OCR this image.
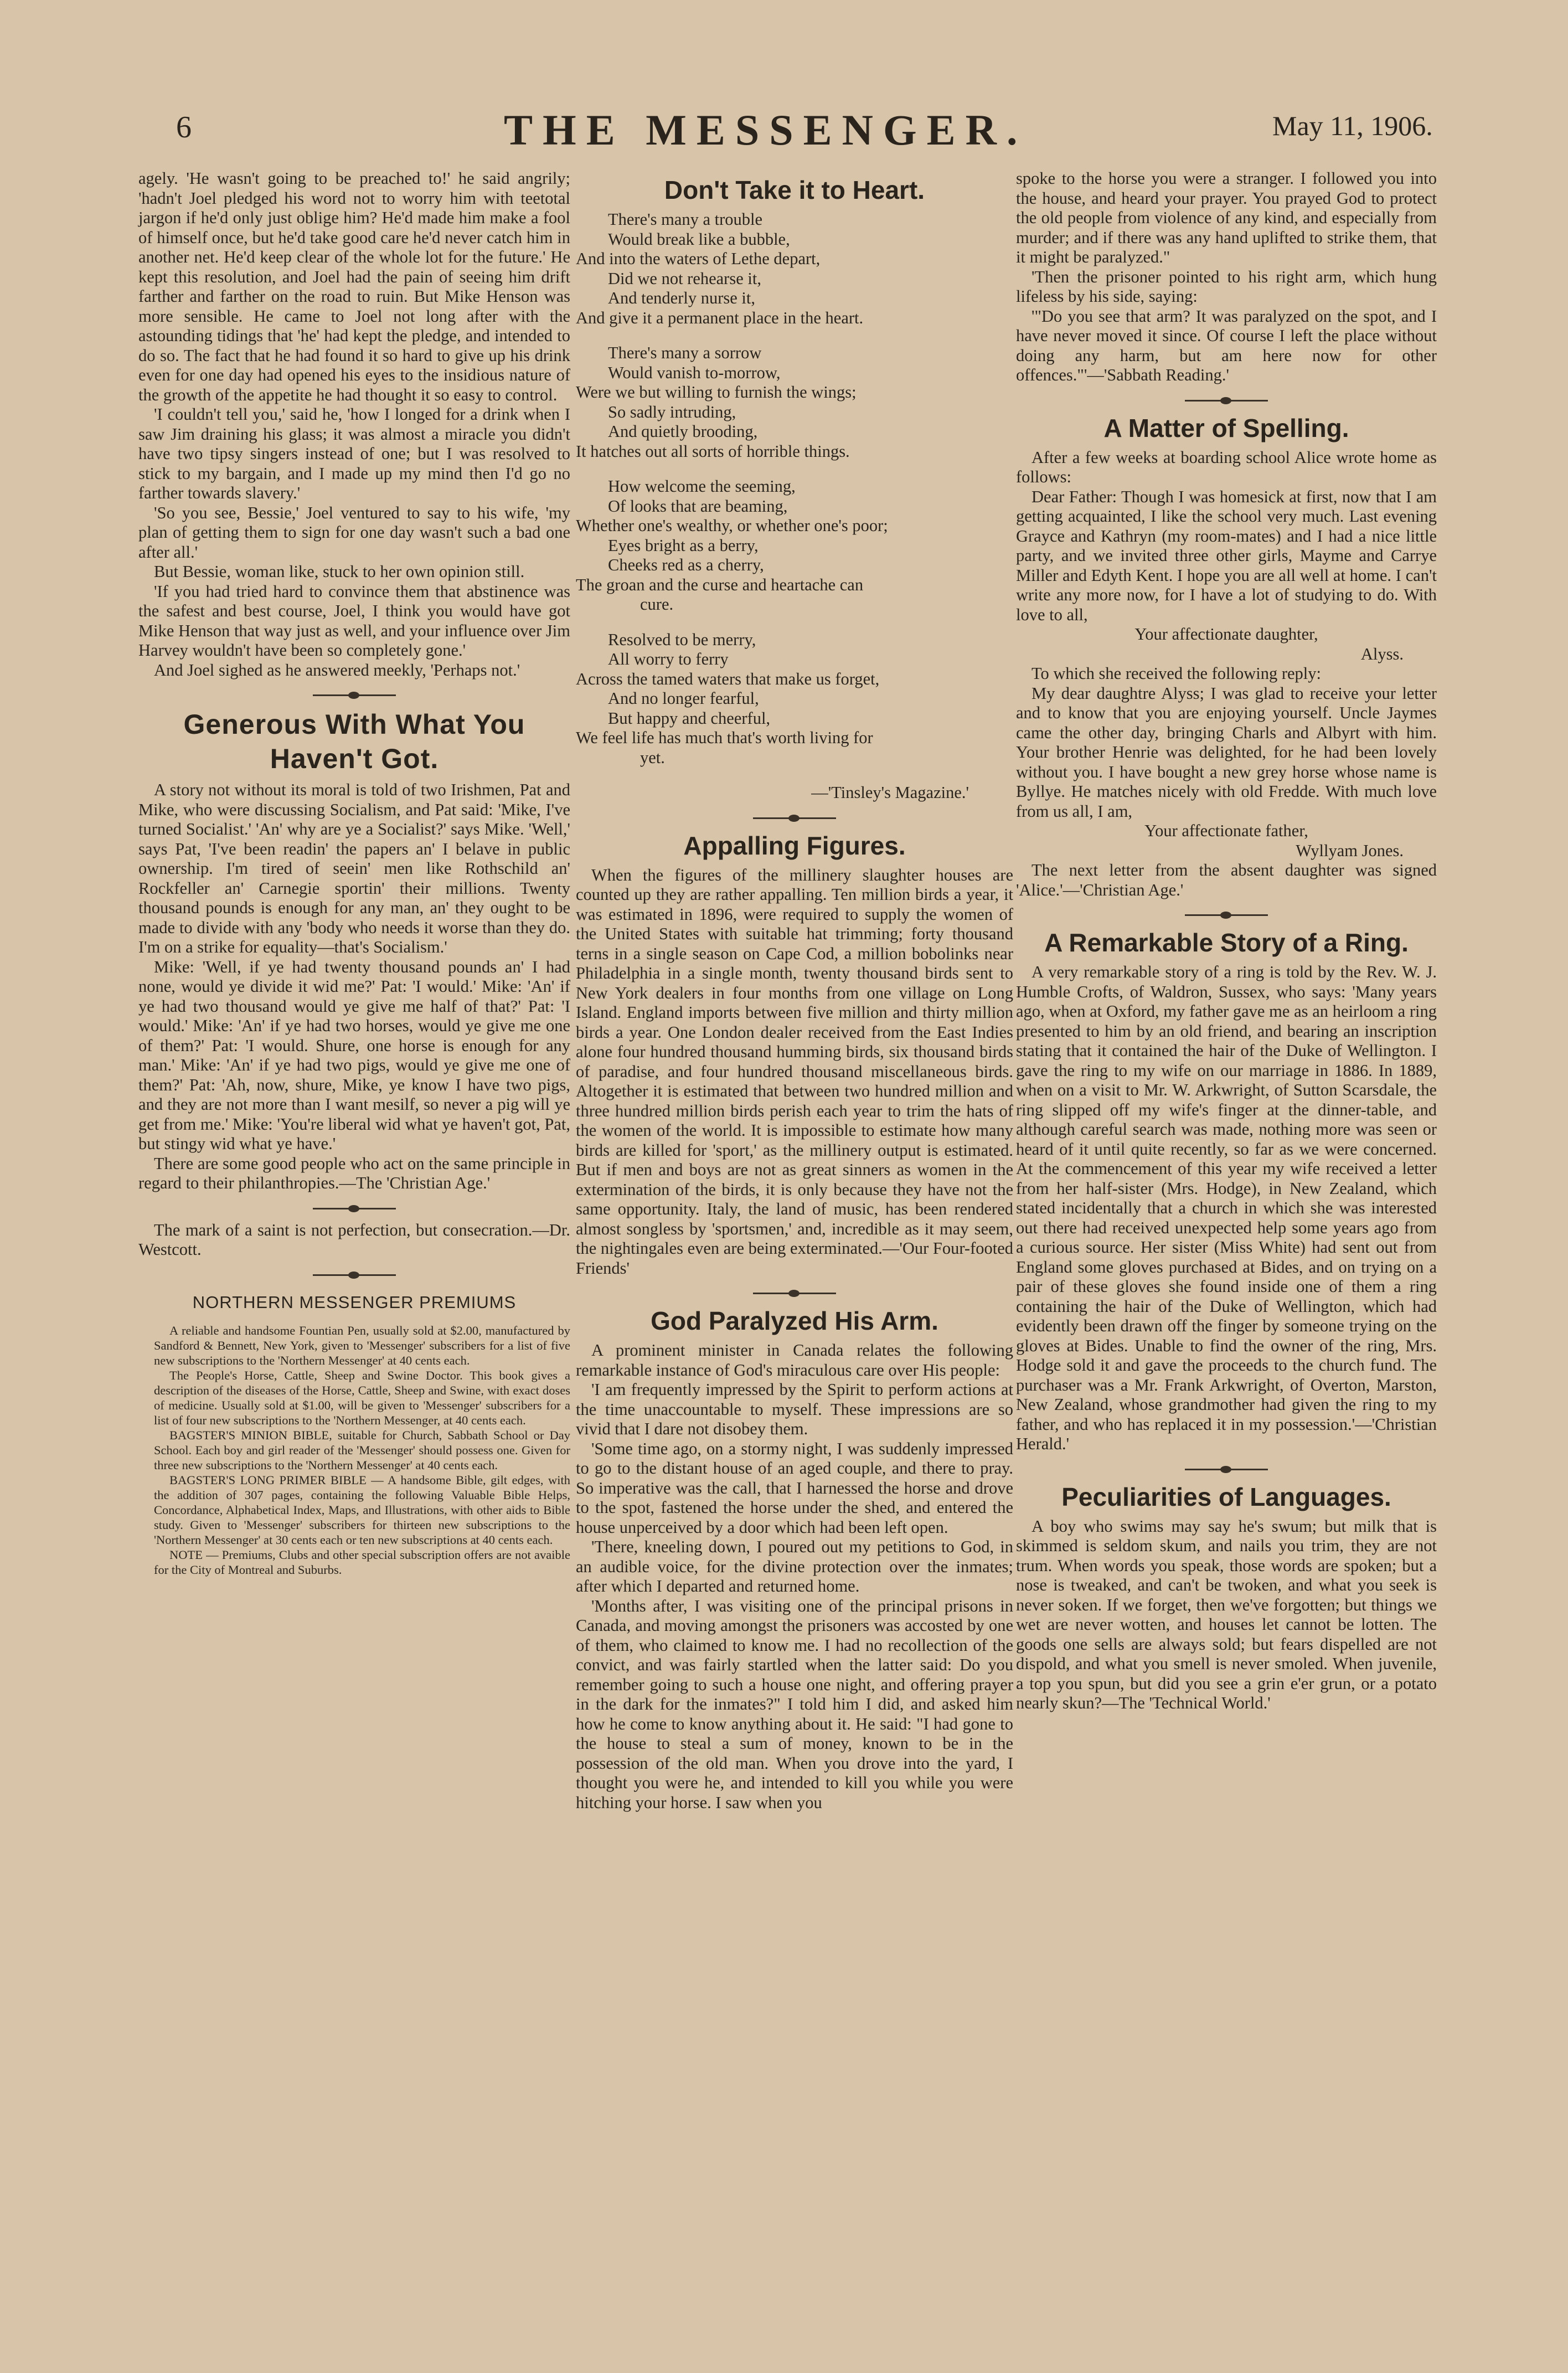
6	THE MESSENGER.	May 11, 1906.

agely. 'He wasn't going to be preached to!' he said angrily; 'hadn't Joel pledged his word not to worry him with teetotal jargon if he'd only just oblige him? He'd made him make a fool of himself once, but he'd take good care he'd never catch him in another net. He'd keep clear of the whole lot for the future.' He kept this resolution, and Joel had the pain of seeing him drift farther and farther on the road to ruin. But Mike Henson was more sensible. He came to Joel not long after with the astounding tidings that 'he' had kept the pledge, and intended to do so. The fact that he had found it so hard to give up his drink even for one day had opened his eyes to the insidious nature of the growth of the appetite he had thought it so easy to control.

'I couldn't tell you,' said he, 'how I longed for a drink when I saw Jim draining his glass; it was almost a miracle you didn't have two tipsy singers instead of one; but I was resolved to stick to my bargain, and I made up my mind then I'd go no farther towards slavery.'

'So you see, Bessie,' Joel ventured to say to his wife, 'my plan of getting them to sign for one day wasn't such a bad one after all.'

But Bessie, woman like, stuck to her own opinion still.

'If you had tried hard to convince them that abstinence was the safest and best course, Joel, I think you would have got Mike Henson that way just as well, and your influence over Jim Harvey wouldn't have been so completely gone.'

And Joel sighed as he answered meekly, 'Perhaps not.'

Generous With What You Haven't Got.

A story not without its moral is told of two Irishmen, Pat and Mike, who were discussing Socialism, and Pat said: 'Mike, I've turned Socialist.' 'An' why are ye a Socialist?' says Mike. 'Well,' says Pat, 'I've been readin' the papers an' I belave in public ownership. I'm tired of seein' men like Rothschild an' Rockfeller an' Carnegie sportin' their millions. Twenty thousand pounds is enough for any man, an' they ought to be made to divide with any 'body who needs it worse than they do. I'm on a strike for equality—that's Socialism.'

Mike: 'Well, if ye had twenty thousand pounds an' I had none, would ye divide it wid me?' Pat: 'I would.' Mike: 'An' if ye had two thousand would ye give me half of that?' Pat: 'I would.' Mike: 'An' if ye had two horses, would ye give me one of them?' Pat: 'I would. Shure, one horse is enough for any man.' Mike: 'An' if ye had two pigs, would ye give me one of them?' Pat: 'Ah, now, shure, Mike, ye know I have two pigs, and they are not more than I want mesilf, so never a pig will ye get from me.' Mike: 'You're liberal wid what ye haven't got, Pat, but stingy wid what ye have.'

There are some good people who act on the same principle in regard to their philanthropies.—The 'Christian Age.'

The mark of a saint is not perfection, but consecration.—Dr. Westcott.

NORTHERN MESSENGER PREMIUMS

A reliable and handsome Fountian Pen, usually sold at $2.00, manufactured by Sandford & Bennett, New York, given to 'Messenger' subscribers for a list of five new subscriptions to the 'Northern Messenger' at 40 cents each.

The People's Horse, Cattle, Sheep and Swine Doctor. This book gives a description of the diseases of the Horse, Cattle, Sheep and Swine, with exact doses of medicine. Usually sold at $1.00, will be given to 'Messenger' subscribers for a list of four new subscriptions to the 'Northern Messenger, at 40 cents each.

BAGSTER'S MINION BIBLE, suitable for Church, Sabbath School or Day School. Each boy and girl reader of the 'Messenger' should possess one. Given for three new subscriptions to the 'Northern Messenger' at 40 cents each.

BAGSTER'S LONG PRIMER BIBLE — A handsome Bible, gilt edges, with the addition of 307 pages, containing the following Valuable Bible Helps, Concordance, Alphabetical Index, Maps, and Illustrations, with other aids to Bible study. Given to 'Messenger' subscribers for thirteen new subscriptions to the 'Northern Messenger' at 30 cents each or ten new subscriptions at 40 cents each.

NOTE — Premiums, Clubs and other special subscription offers are not avaible for the City of Montreal and Suburbs.

Don't Take it to Heart.
There's many a trouble
Would break like a bubble,
And into the waters of Lethe depart,
Did we not rehearse it,
And tenderly nurse it,
And give it a permanent place in the heart.
There's many a sorrow
Would vanish to-morrow,
Were we but willing to furnish the wings;
So sadly intruding,
And quietly brooding,
It hatches out all sorts of horrible things.
How welcome the seeming,
Of looks that are beaming,
Whether one's wealthy, or whether one's poor;
Eyes bright as a berry,
Cheeks red as a cherry,
The groan and the curse and heartache can
cure.
Resolved to be merry,
All worry to ferry
Across the tamed waters that make us forget,
And no longer fearful,
But happy and cheerful,
We feel life has much that's worth living for
yet.
—'Tinsley's Magazine.'
Appalling Figures.

When the figures of the millinery slaughter houses are counted up they are rather appalling. Ten million birds a year, it was estimated in 1896, were required to supply the women of the United States with suitable hat trimming; forty thousand terns in a single season on Cape Cod, a million bobolinks near Philadelphia in a single month, twenty thousand birds sent to New York dealers in four months from one village on Long Island. England imports between five million and thirty million birds a year. One London dealer received from the East Indies alone four hundred thousand humming birds, six thousand birds of paradise, and four hundred thousand miscellaneous birds. Altogether it is estimated that between two hundred million and three hundred million birds perish each year to trim the hats of the women of the world. It is impossible to estimate how many birds are killed for 'sport,' as the millinery output is estimated. But if men and boys are not as great sinners as women in the extermination of the birds, it is only because they have not the same opportunity. Italy, the land of music, has been rendered almost songless by 'sportsmen,' and, incredible as it may seem, the nightingales even are being exterminated.—'Our Four-footed Friends'

God Paralyzed His Arm.

A prominent minister in Canada relates the following remarkable instance of God's miraculous care over His people:

'I am frequently impressed by the Spirit to perform actions at the time unaccountable to myself. These impressions are so vivid that I dare not disobey them.

'Some time ago, on a stormy night, I was suddenly impressed to go to the distant house of an aged couple, and there to pray. So imperative was the call, that I harnessed the horse and drove to the spot, fastened the horse under the shed, and entered the house unperceived by a door which had been left open.

'There, kneeling down, I poured out my petitions to God, in an audible voice, for the divine protection over the inmates; after which I departed and returned home.

'Months after, I was visiting one of the principal prisons in Canada, and moving amongst the prisoners was accosted by one of them, who claimed to know me. I had no recollection of the convict, and was fairly startled when the latter said: Do you remember going to such a house one night, and offering prayer in the dark for the inmates?" I told him I did, and asked him how he come to know anything about it. He said: "I had gone to the house to steal a sum of money, known to be in the possession of the old man. When you drove into the yard, I thought you were he, and intended to kill you while you were hitching your horse. I saw when you

spoke to the horse you were a stranger. I followed you into the house, and heard your prayer. You prayed God to protect the old people from violence of any kind, and especially from murder; and if there was any hand uplifted to strike them, that it might be paralyzed."

'Then the prisoner pointed to his right arm, which hung lifeless by his side, saying:

'"Do you see that arm? It was paralyzed on the spot, and I have never moved it since. Of course I left the place without doing any harm, but am here now for other offences."'—'Sabbath Reading.'

A Matter of Spelling.

After a few weeks at boarding school Alice wrote home as follows:

Dear Father: Though I was homesick at first, now that I am getting acquainted, I like the school very much. Last evening Grayce and Kathryn (my room-mates) and I had a nice little party, and we invited three other girls, Mayme and Carrye Miller and Edyth Kent. I hope you are all well at home. I can't write any more now, for I have a lot of studying to do. With love to all,

Your affectionate daughter,
Alyss.

To which she received the following reply:

My dear daughtre Alyss; I was glad to receive your letter and to know that you are enjoying yourself. Uncle Jaymes came the other day, bringing Charls and Albyrt with him. Your brother Henrie was delighted, for he had been lovely without you. I have bought a new grey horse whose name is Byllye. He matches nicely with old Fredde. With much love from us all, I am,

Your affectionate father,
Wyllyam Jones.

The next letter from the absent daughter was signed 'Alice.'—'Christian Age.'

A Remarkable Story of a Ring.

A very remarkable story of a ring is told by the Rev. W. J. Humble Crofts, of Waldron, Sussex, who says: 'Many years ago, when at Oxford, my father gave me as an heirloom a ring presented to him by an old friend, and bearing an inscription stating that it contained the hair of the Duke of Wellington. I gave the ring to my wife on our marriage in 1886. In 1889, when on a visit to Mr. W. Arkwright, of Sutton Scarsdale, the ring slipped off my wife's finger at the dinner-table, and although careful search was made, nothing more was seen or heard of it until quite recently, so far as we were concerned. At the commencement of this year my wife received a letter from her half-sister (Mrs. Hodge), in New Zealand, which stated incidentally that a church in which she was interested out there had received unexpected help some years ago from a curious source. Her sister (Miss White) had sent out from England some gloves purchased at Bides, and on trying on a pair of these gloves she found inside one of them a ring containing the hair of the Duke of Wellington, which had evidently been drawn off the finger by someone trying on the gloves at Bides. Unable to find the owner of the ring, Mrs. Hodge sold it and gave the proceeds to the church fund. The purchaser was a Mr. Frank Arkwright, of Overton, Marston, New Zealand, whose grandmother had given the ring to my father, and who has replaced it in my possession.'—'Christian Herald.'

Peculiarities of Languages.

A boy who swims may say he's swum; but milk that is skimmed is seldom skum, and nails you trim, they are not trum. When words you speak, those words are spoken; but a nose is tweaked, and can't be twoken, and what you seek is never soken. If we forget, then we've forgotten; but things we wet are never wotten, and houses let cannot be lotten. The goods one sells are always sold; but fears dispelled are not dispold, and what you smell is never smoled. When juvenile, a top you spun, but did you see a grin e'er grun, or a potato nearly skun?—The 'Technical World.'
